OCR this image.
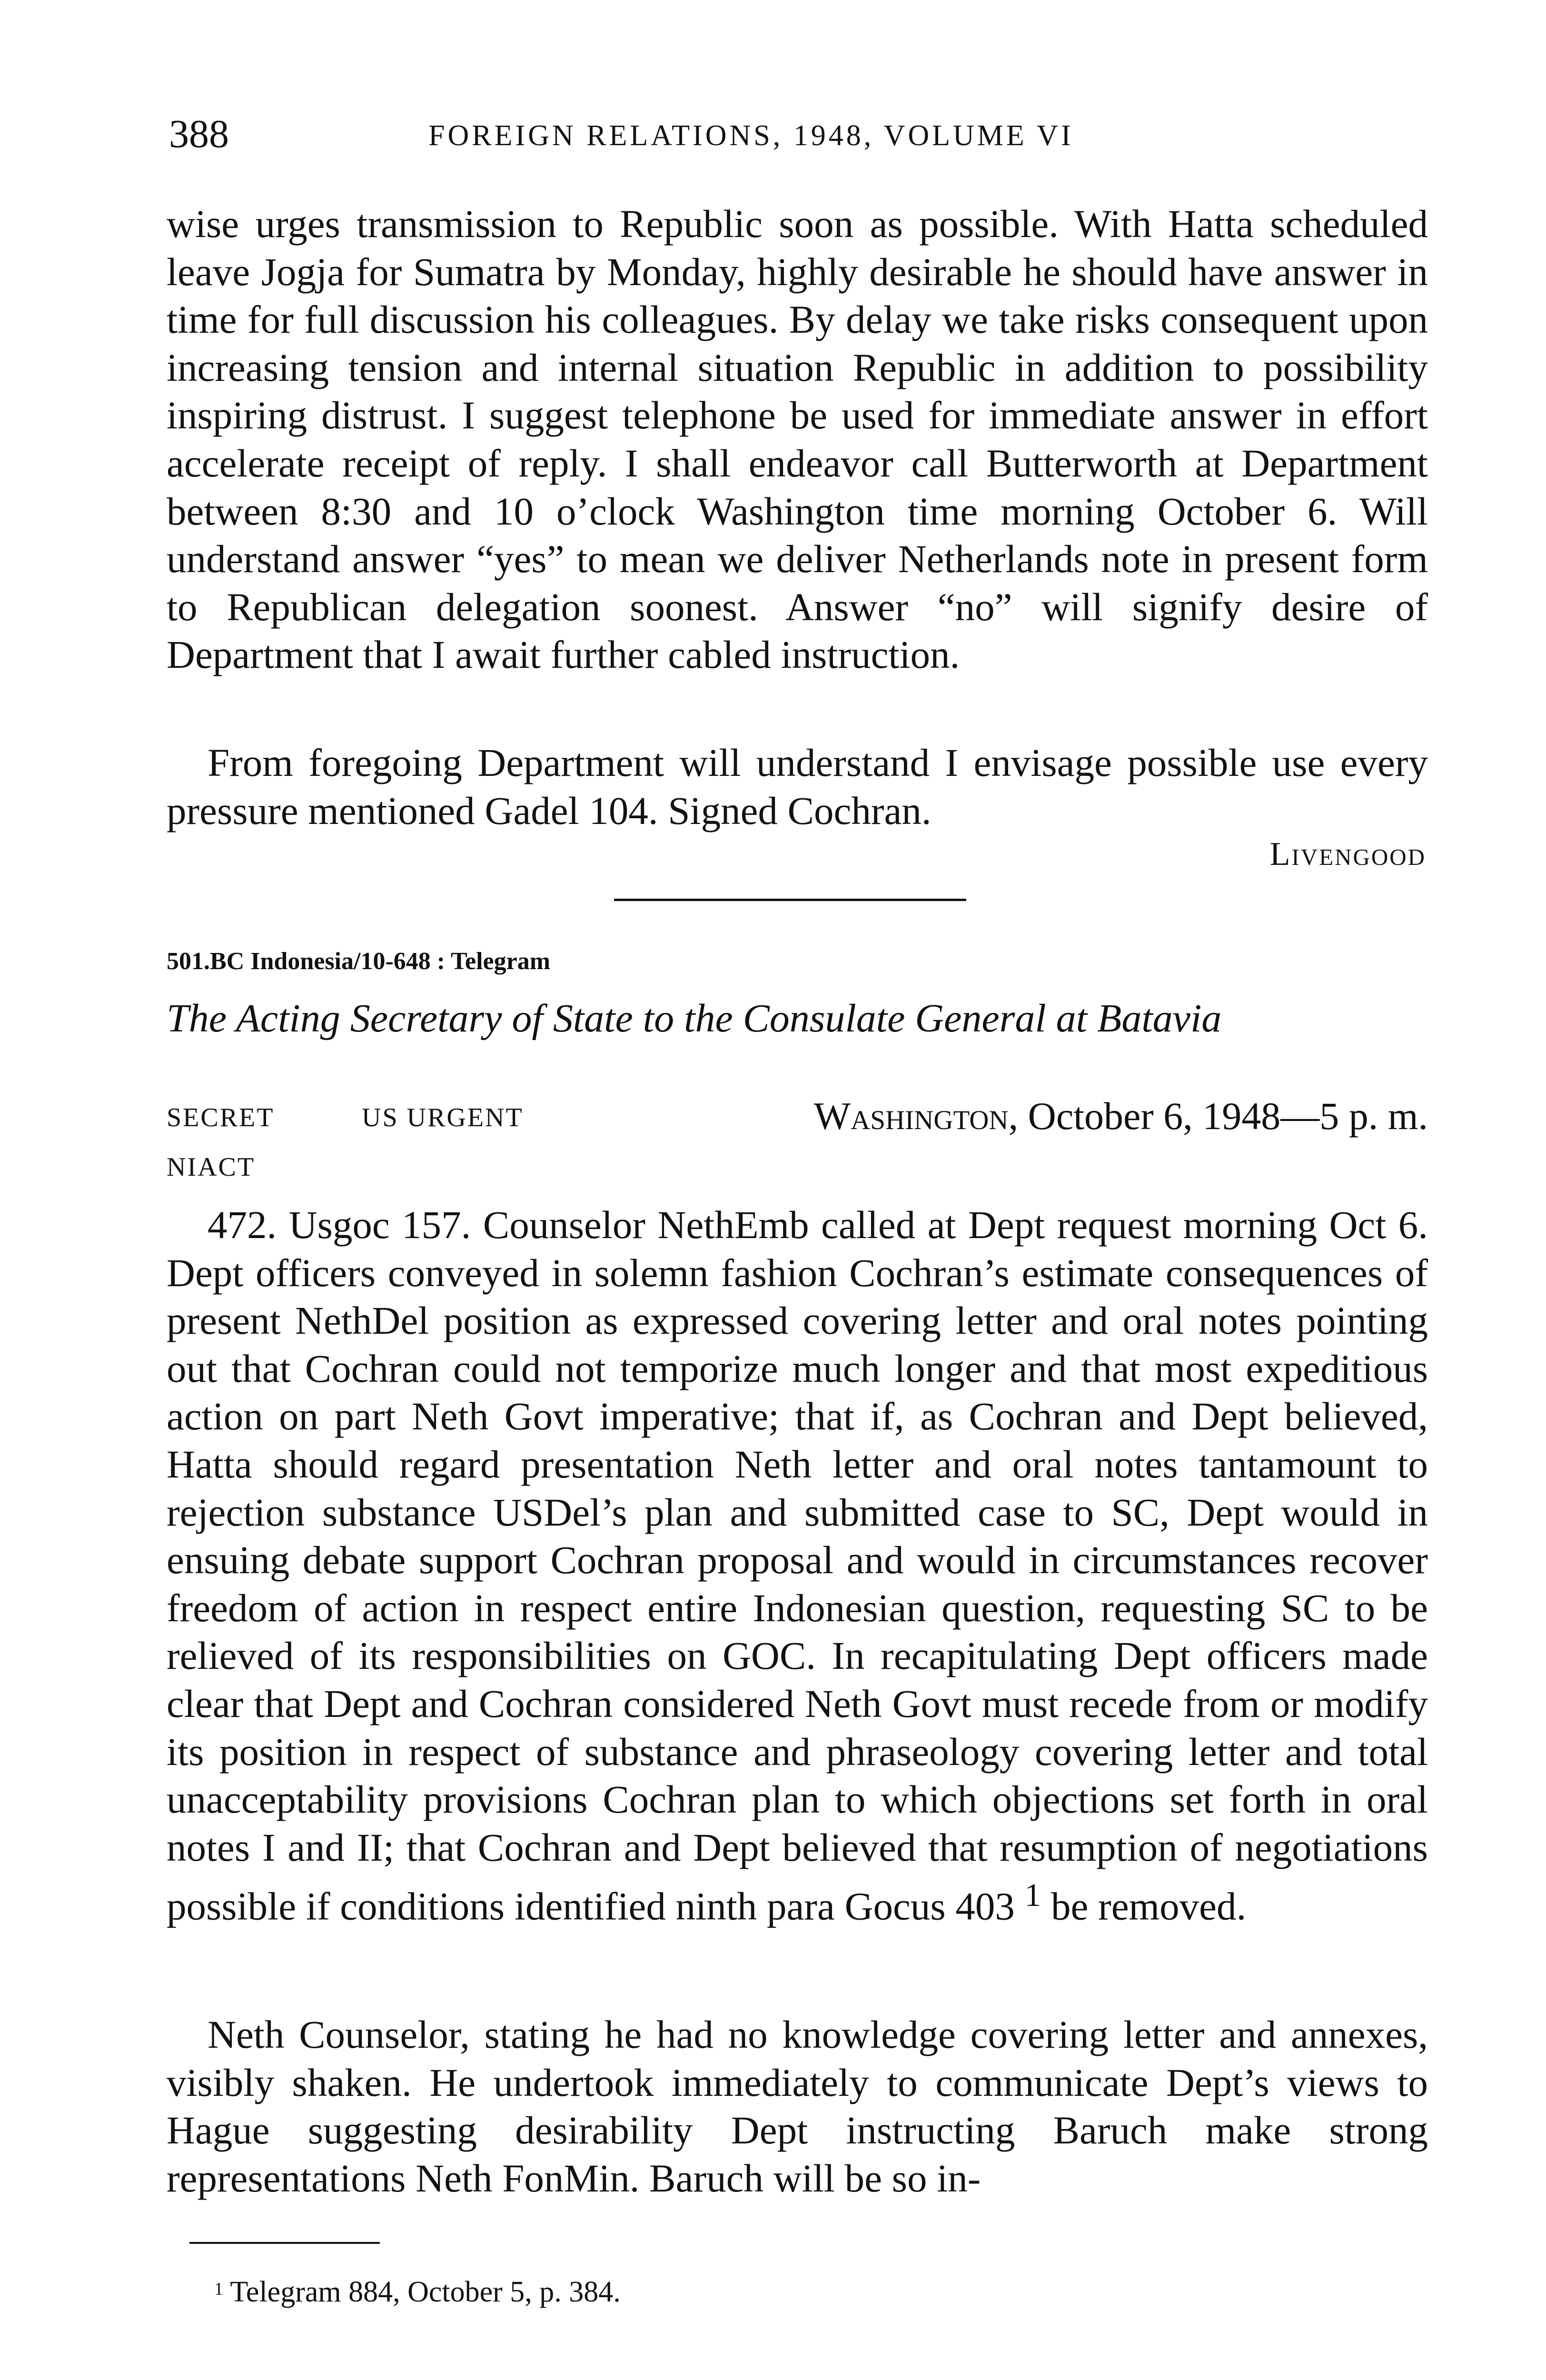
388	FOREIGN RELATIONS, 1948, VOLUME VI

wise urges transmission to Republic soon as possible. With Hatta scheduled leave Jogja for Sumatra by Monday, highly desirable he should have answer in time for full discussion his colleagues. By delay we take risks consequent upon increasing tension and internal situation Republic in addition to possibility inspiring distrust. I suggest telephone be used for immediate answer in effort accelerate receipt of reply. I shall endeavor call Butterworth at Department between 8:30 and 10 o’clock Washington time morning October 6. Will understand answer “yes” to mean we deliver Netherlands note in present form to Republican delegation soonest. Answer “no” will signify desire of Department that I await further cabled instruction.

From foregoing Department will understand I envisage possible use every pressure mentioned Gadel 104. Signed Cochran.

Livengood
501.BC Indonesia/10-648 : Telegram
The Acting Secretary of State to the Consulate General at Batavia
SECRET	US URGENT	Washington, October 6, 1948—5 p. m.
NIACT

472. Usgoc 157. Counselor NethEmb called at Dept request morning Oct 6. Dept officers conveyed in solemn fashion Cochran’s estimate consequences of present NethDel position as expressed covering letter and oral notes pointing out that Cochran could not temporize much longer and that most expeditious action on part Neth Govt imperative; that if, as Cochran and Dept believed, Hatta should regard presentation Neth letter and oral notes tantamount to rejection substance USDel’s plan and submitted case to SC, Dept would in ensuing debate support Cochran proposal and would in circumstances recover freedom of action in respect entire Indonesian question, requesting SC to be relieved of its responsibilities on GOC. In recapitulating Dept officers made clear that Dept and Cochran considered Neth Govt must recede from or modify its position in respect of substance and phraseology covering letter and total unacceptability provisions Cochran plan to which objections set forth in oral notes I and II; that Cochran and Dept believed that resumption of negotiations possible if conditions identified ninth para Gocus 403 $^1$ be removed.

Neth Counselor, stating he had no knowledge covering letter and annexes, visibly shaken. He undertook immediately to communicate Dept’s views to Hague suggesting desirability Dept instructing Baruch make strong representations Neth FonMin. Baruch will be so in-

$^1$ Telegram 884, October 5, p. 384.
